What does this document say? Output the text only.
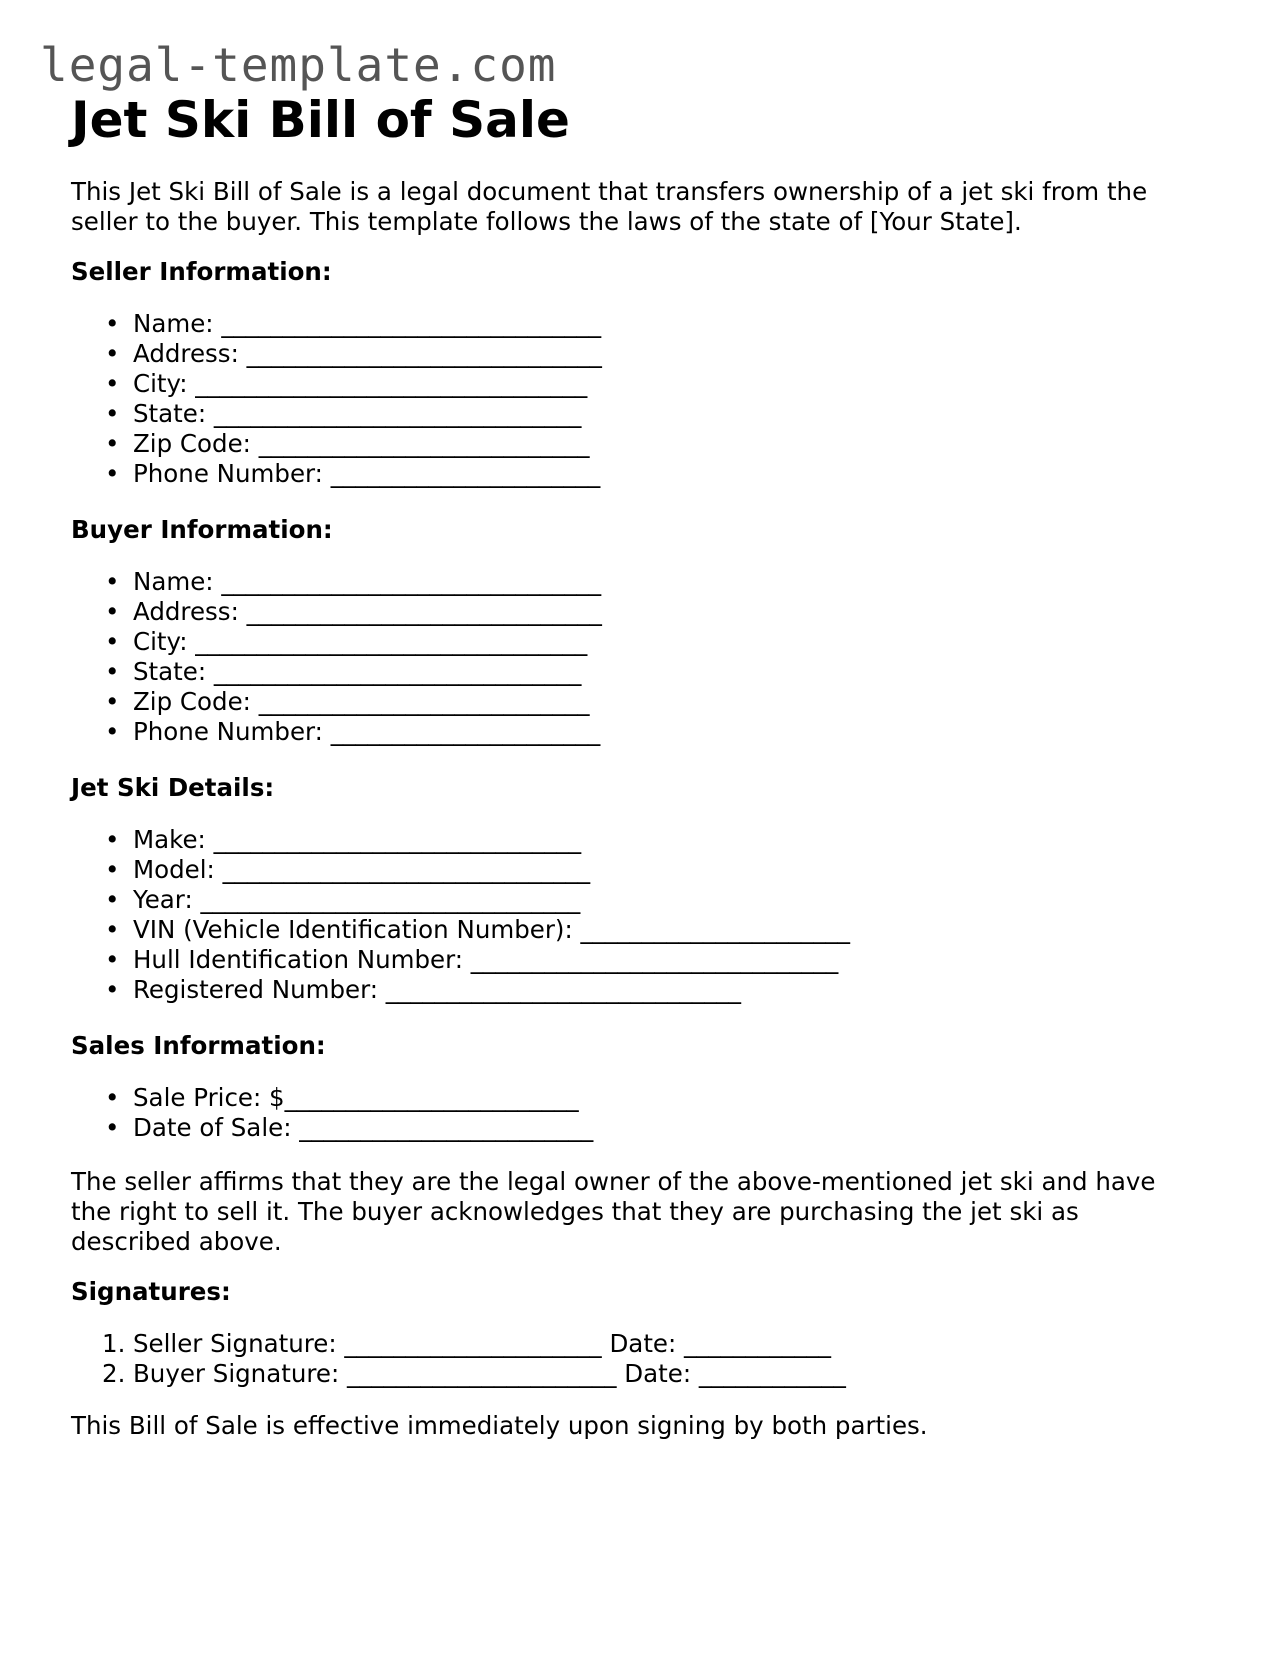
legal-template.com
Jet Ski Bill of Sale

This Jet Ski Bill of Sale is a legal document that transfers ownership of a jet ski from the seller to the buyer. This template follows the laws of the state of [Your State].

Seller Information:

• Name: _______________________________
• Address: _____________________________
• City: ________________________________
• State: ______________________________
• Zip Code: ___________________________
• Phone Number: ______________________

Buyer Information:

• Name: _______________________________
• Address: _____________________________
• City: ________________________________
• State: ______________________________
• Zip Code: ___________________________
• Phone Number: ______________________

Jet Ski Details:

• Make: ______________________________
• Model: ______________________________
• Year: _______________________________
• VIN (Vehicle Identification Number): ______________________
• Hull Identification Number: ______________________________
• Registered Number: _____________________________

Sales Information:

• Sale Price: $________________________
• Date of Sale: ________________________

The seller affirms that they are the legal owner of the above-mentioned jet ski and have the right to sell it. The buyer acknowledges that they are purchasing the jet ski as described above.

Signatures:

1. Seller Signature: _____________________ Date: ____________
2. Buyer Signature: ______________________ Date: ____________

This Bill of Sale is effective immediately upon signing by both parties.
